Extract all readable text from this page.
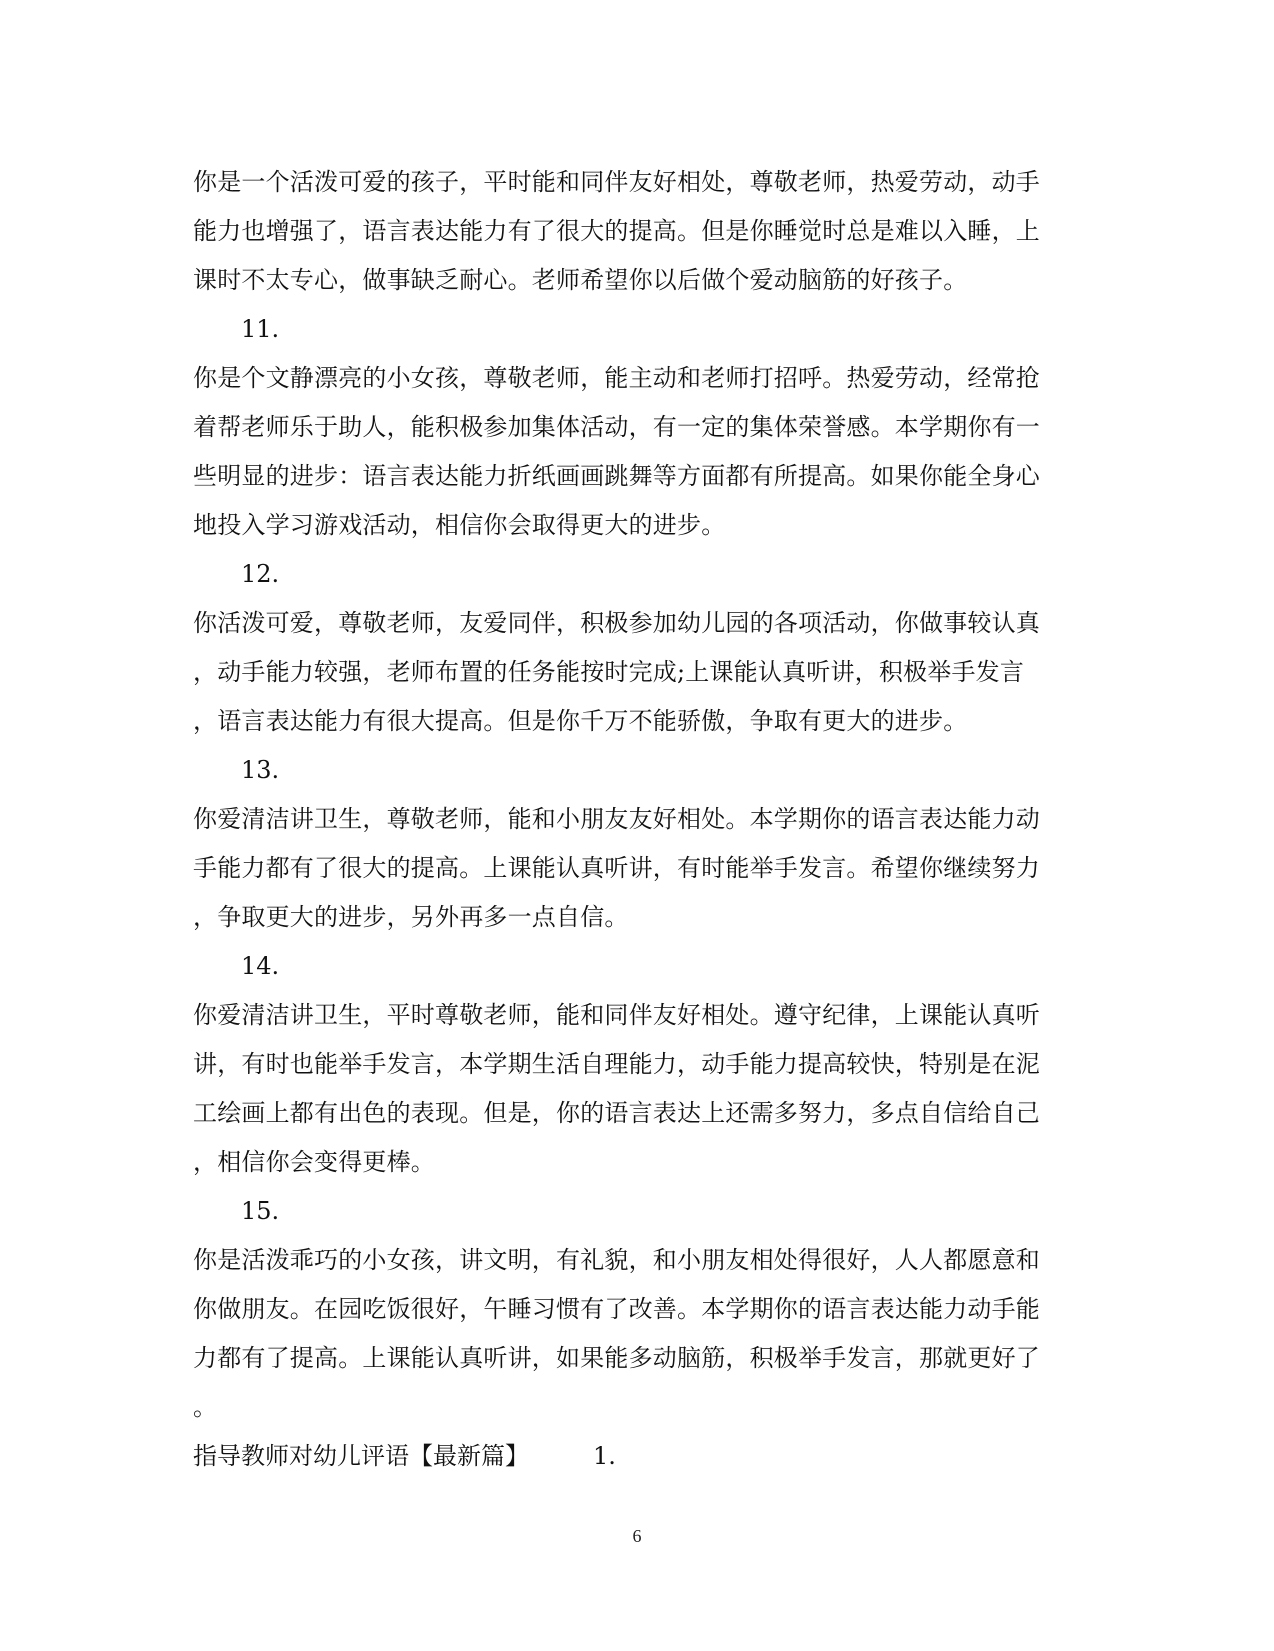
你是一个活泼可爱的孩子，平时能和同伴友好相处，尊敬老师，热爱劳动，动手
能力也增强了，语言表达能力有了很大的提高。但是你睡觉时总是难以入睡，上
课时不太专心，做事缺乏耐心。老师希望你以后做个爱动脑筋的好孩子。

11.

你是个文静漂亮的小女孩，尊敬老师，能主动和老师打招呼。热爱劳动，经常抢
着帮老师乐于助人，能积极参加集体活动，有一定的集体荣誉感。本学期你有一
些明显的进步：语言表达能力折纸画画跳舞等方面都有所提高。如果你能全身心
地投入学习游戏活动，相信你会取得更大的进步。

12.

你活泼可爱，尊敬老师，友爱同伴，积极参加幼儿园的各项活动，你做事较认真
，动手能力较强，老师布置的任务能按时完成;上课能认真听讲，积极举手发言
，语言表达能力有很大提高。但是你千万不能骄傲，争取有更大的进步。

13.

你爱清洁讲卫生，尊敬老师，能和小朋友友好相处。本学期你的语言表达能力动
手能力都有了很大的提高。上课能认真听讲，有时能举手发言。希望你继续努力
，争取更大的进步，另外再多一点自信。

14.

你爱清洁讲卫生，平时尊敬老师，能和同伴友好相处。遵守纪律，上课能认真听
讲，有时也能举手发言，本学期生活自理能力，动手能力提高较快，特别是在泥
工绘画上都有出色的表现。但是，你的语言表达上还需多努力，多点自信给自己
，相信你会变得更棒。

15.

你是活泼乖巧的小女孩，讲文明，有礼貌，和小朋友相处得很好，人人都愿意和
你做朋友。在园吃饭很好，午睡习惯有了改善。本学期你的语言表达能力动手能
力都有了提高。上课能认真听讲，如果能多动脑筋，积极举手发言，那就更好了
。

指导教师对幼儿评语【最新篇】	1.

6
